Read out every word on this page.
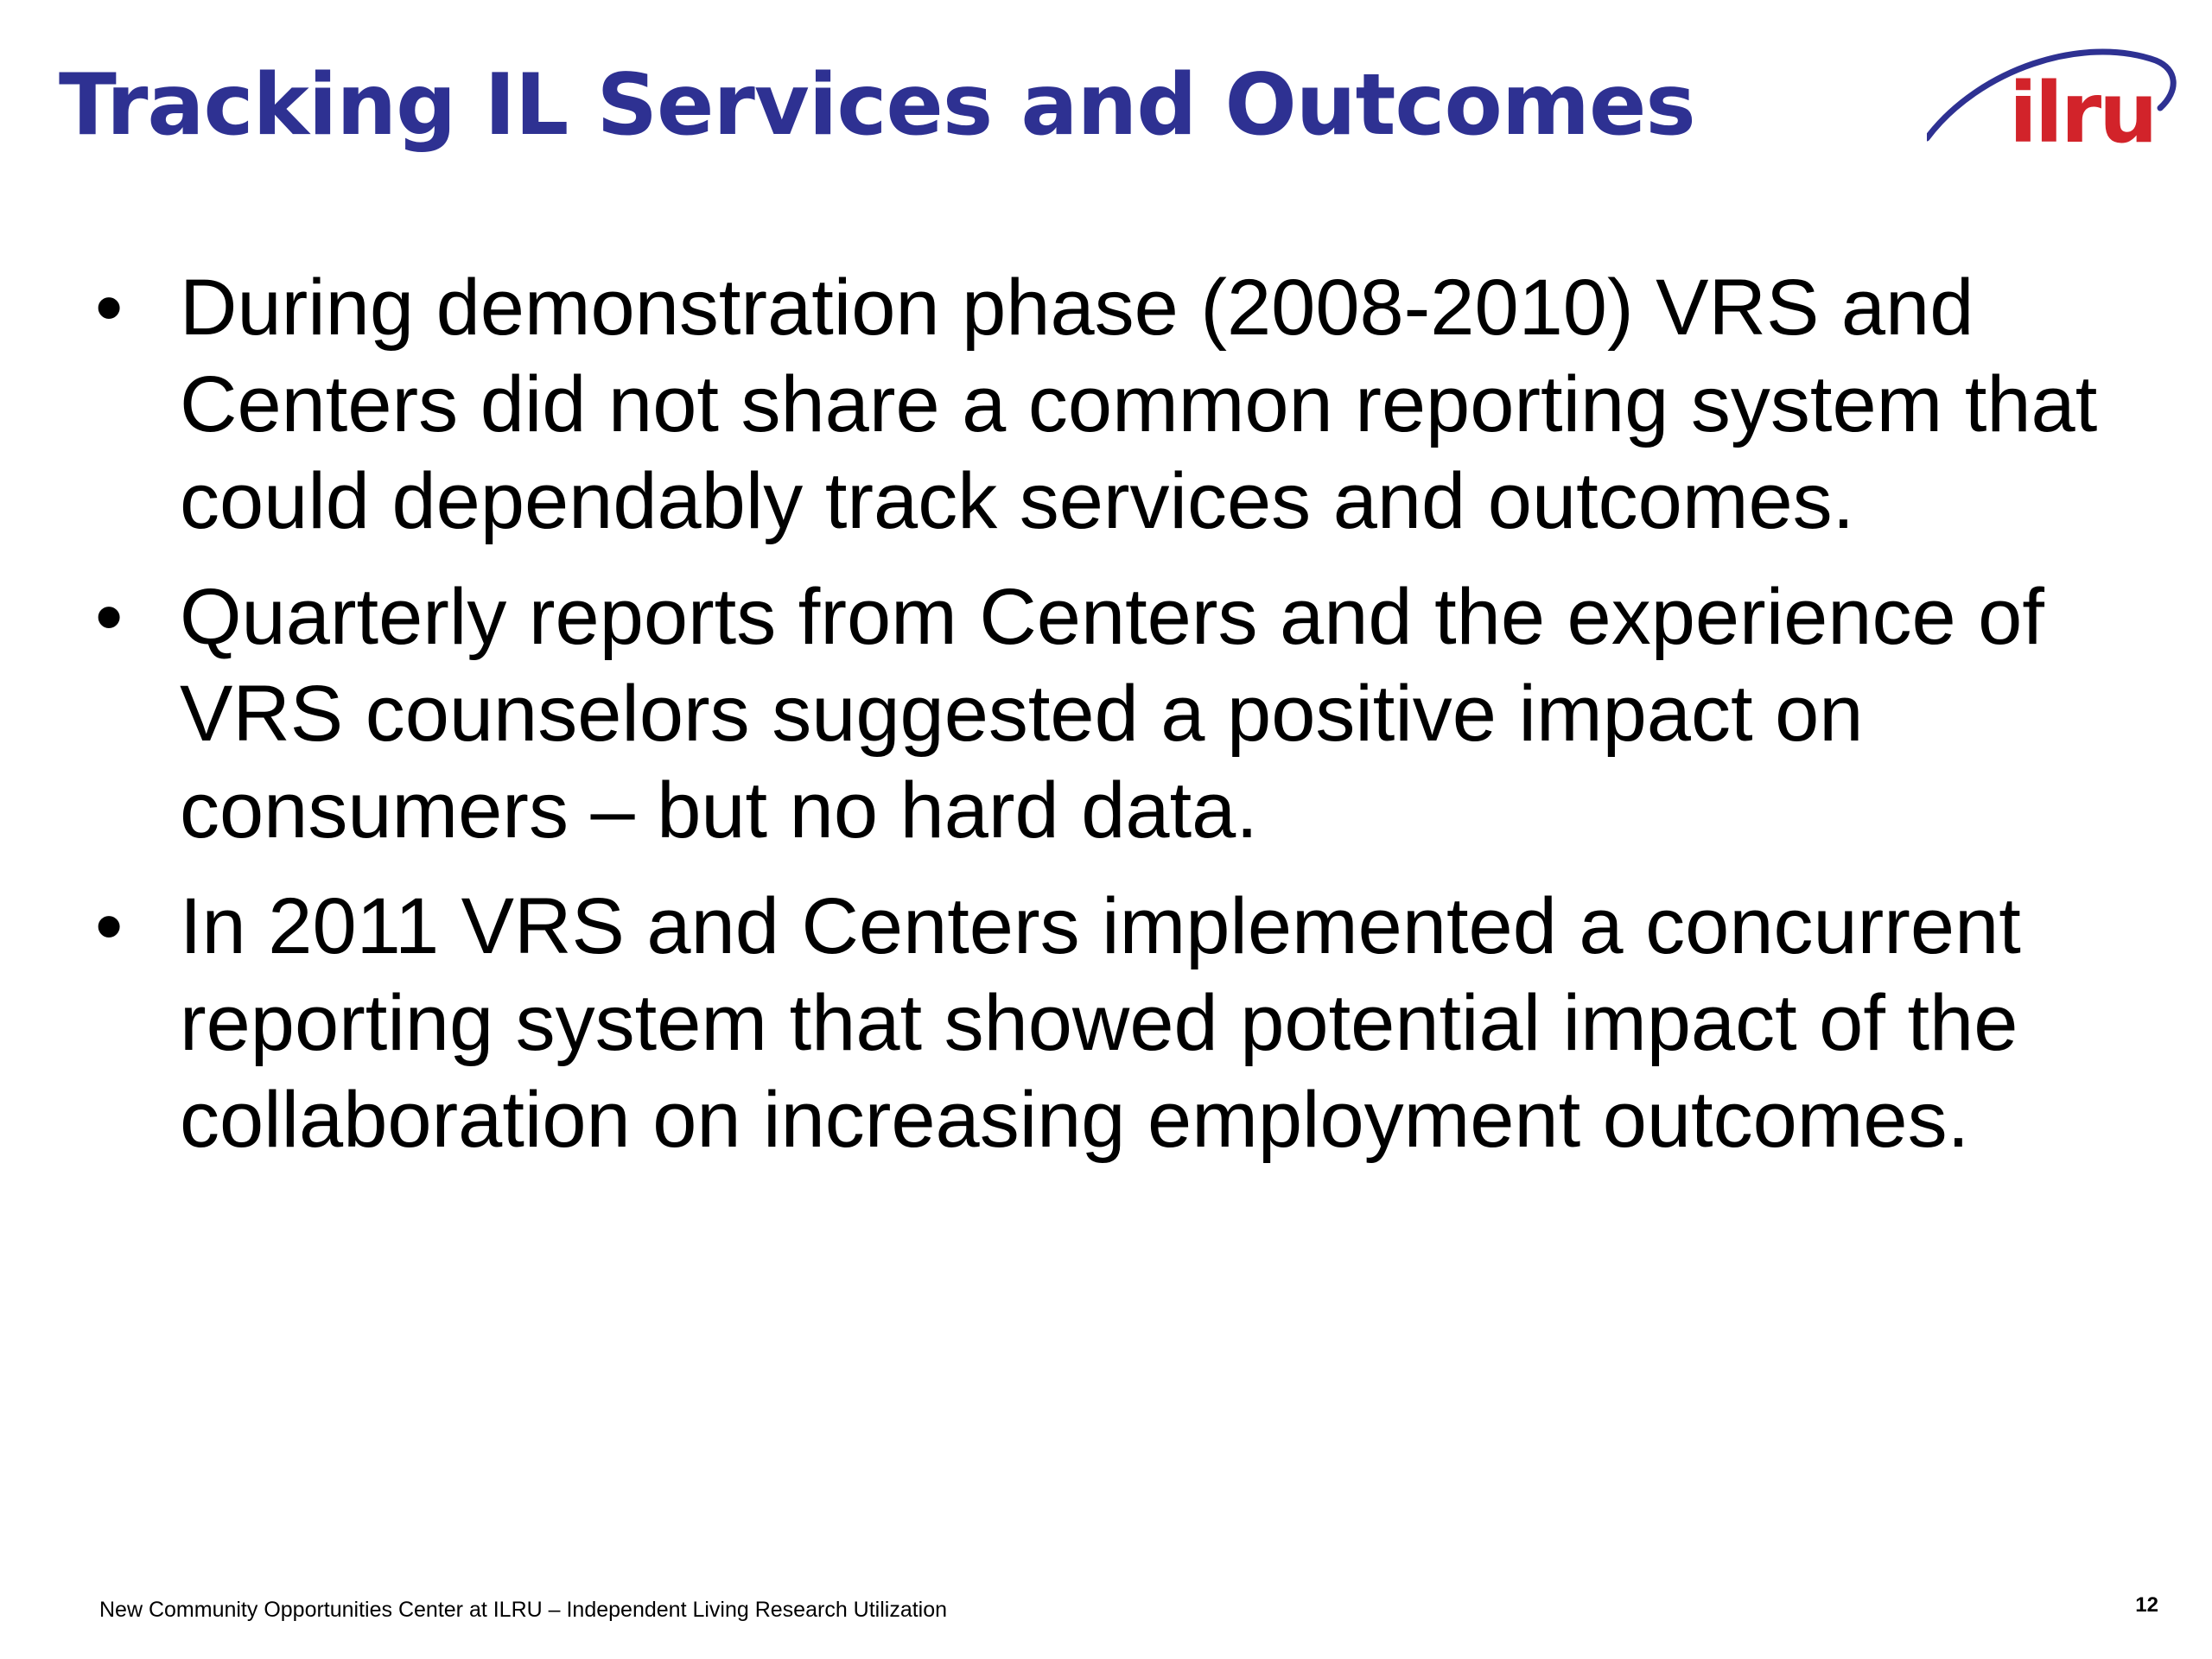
Tracking IL Services and Outcomes	ilru
• During demonstration phase (2008-2010) VRS and Centers did not share a common reporting system that could dependably track services and outcomes.
• Quarterly reports from Centers and the experience of VRS counselors suggested a positive impact on consumers – but no hard data.
• In 2011 VRS and Centers implemented a concurrent reporting system that showed potential impact of the collaboration on increasing employment outcomes.
New Community Opportunities Center at ILRU – Independent Living Research Utilization	12
